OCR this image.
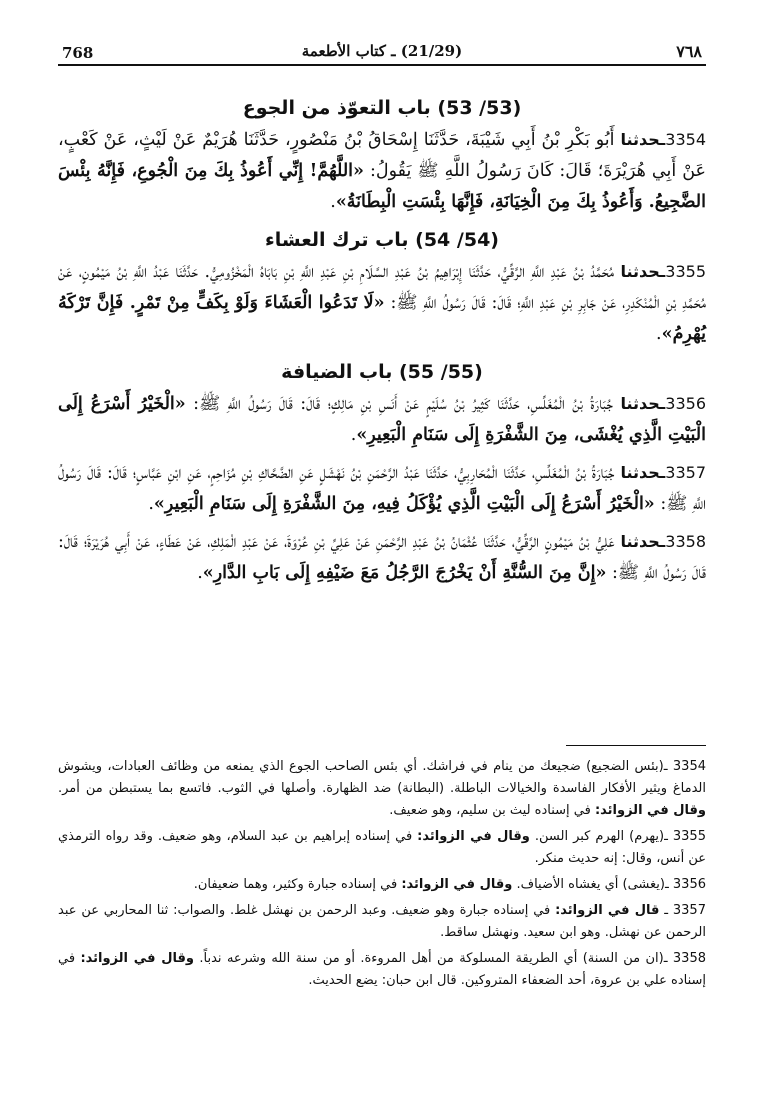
768	(21/29) ـ كتاب الأطعمة	٧٦٨
(53/ 53) باب التعوّذ من الجوع

3354ـحدثنا أَبُو بَكْرِ بْنُ أَبِي شَيْبَةَ، حَدَّثَنَا إِسْحَاقُ بْنُ مَنْصُورٍ، حَدَّثَنَا هُرَيْمٌ عَنْ لَيْثٍ، عَنْ كَعْبٍ، عَنْ أَبِي هُرَيْرَةَ؛ قَالَ: كَانَ رَسُولُ اللَّهِ ﷺ يَقُولُ: «اللَّهُمَّ! إِنِّي أَعُوذُ بِكَ مِنَ الْجُوعِ، فَإِنَّهُ بِئْسَ الضَّجِيعُ. وَأَعُوذُ بِكَ مِنَ الْخِيَانَةِ، فَإِنَّهَا بِئْسَتِ الْبِطَانَةُ».

(54/ 54) باب ترك العشاء

3355ـحدثنا مُحَمَّدُ بْنُ عَبْدِ اللَّهِ الرَّقِّيُّ، حَدَّثَنَا إِبْرَاهِيمُ بْنُ عَبْدِ السَّلَامِ بْنِ عَبْدِ اللَّهِ بْنِ بَابَاهُ الْمَخْزُومِيُّ. حَدَّثَنَا عَبْدُ اللَّهِ بْنُ مَيْمُونٍ، عَنْ مُحَمَّدِ بْنِ الْمُنْكَدِرِ، عَنْ جَابِرِ بْنِ عَبْدِ اللَّهِ؛ قَالَ: قَالَ رَسُولُ اللَّهِ ﷺ: «لَا تَدَعُوا الْعَشَاءَ وَلَوْ بِكَفٍّ مِنْ تَمْرٍ. فَإِنَّ تَرْكَهُ يُهْرِمُ».

(55/ 55) باب الضيافة

3356ـحدثنا جُبَارَةُ بْنُ الْمُغَلِّسِ، حَدَّثَنَا كَثِيرُ بْنُ سُلَيْمٍ عَنْ أَنَسِ بْنِ مَالِكٍ؛ قَالَ: قَالَ رَسُولُ اللَّهِ ﷺ: «الْخَيْرُ أَسْرَعُ إِلَى الْبَيْتِ الَّذِي يُغْشَى، مِنَ الشَّفْرَةِ إِلَى سَنَامِ الْبَعِيرِ».

3357ـحدثنا جُبَارَةُ بْنُ الْمُغَلِّسِ، حَدَّثَنَا الْمُحَارِبِيُّ، حَدَّثَنَا عَبْدُ الرَّحْمَنِ بْنُ نَهْشَلٍ عَنِ الضَّحَّاكِ بْنِ مُزَاحِمٍ، عَنِ ابْنِ عَبَّاسٍ؛ قَالَ: قَالَ رَسُولُ اللَّهِ ﷺ: «الْخَيْرُ أَسْرَعُ إِلَى الْبَيْتِ الَّذِي يُؤْكَلُ فِيهِ، مِنَ الشَّفْرَةِ إِلَى سَنَامِ الْبَعِيرِ».

3358ـحدثنا عَلِيُّ بْنُ مَيْمُونٍ الرَّقِّيُّ، حَدَّثَنَا عُثْمَانُ بْنُ عَبْدِ الرَّحْمَنِ عَنْ عَلِيِّ بْنِ عُرْوَةَ، عَنْ عَبْدِ الْمَلِكِ، عَنْ عَطَاءٍ، عَنْ أَبِي هُرَيْرَةَ؛ قَالَ: قَالَ رَسُولُ اللَّهِ ﷺ: «إِنَّ مِنَ السُّنَّةِ أَنْ يَخْرُجَ الرَّجُلُ مَعَ ضَيْفِهِ إِلَى بَابِ الدَّارِ».

3354 ـ(بئس الضجيع) ضجيعك من ينام في فراشك. أي بئس الصاحب الجوع الذي يمنعه من وظائف العبادات، ويشوش الدماغ ويثير الأفكار الفاسدة والخيالات الباطلة. (البطانة) ضد الظهارة. وأصلها في الثوب. فاتسع بما يستبطن من أمر. وقال في الزوائد: في إسناده ليث بن سليم، وهو ضعيف.

3355 ـ(يهرم) الهرم كبر السن. وقال في الزوائد: في إسناده إبراهيم بن عبد السلام، وهو ضعيف. وقد رواه الترمذي عن أنس، وقال: إنه حديث منكر.

3356 ـ(يغشى) أي يغشاه الأضياف. وقال في الزوائد: في إسناده جبارة وكثير، وهما ضعيفان.

3357 ـ قال في الزوائد: في إسناده جبارة وهو ضعيف. وعبد الرحمن بن نهشل غلط. والصواب: ثنا المحاربي عن عبد الرحمن عن نهشل. وهو ابن سعيد. ونهشل ساقط.

3358 ـ(ان من السنة) أي الطريقة المسلوكة من أهل المروءة. أو من سنة الله وشرعه ندباً. وقال في الزوائد: في إسناده علي بن عروة، أحد الضعفاء المتروكين. قال ابن حبان: يضع الحديث.
